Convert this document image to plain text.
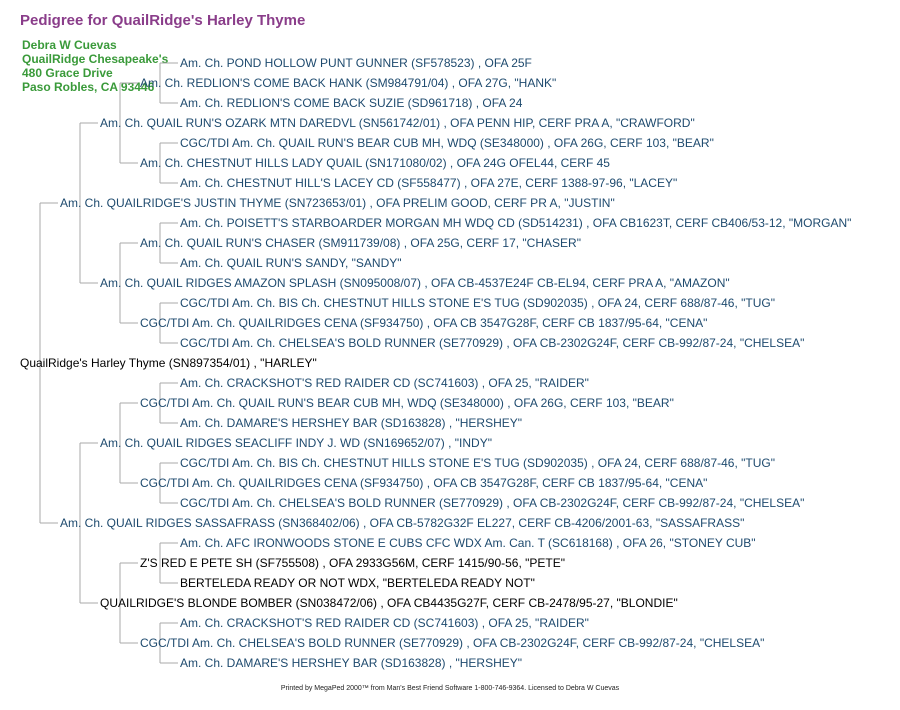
Pedigree for QuailRidge's Harley Thyme
Debra W Cuevas
QuailRidge Chesapeake's
480 Grace Drive
Paso Robles, CA 93446
Am. Ch. POND HOLLOW PUNT GUNNER (SF578523) , OFA 25F
Am. Ch. REDLION'S COME BACK HANK (SM984791/04) , OFA 27G, "HANK"
Am. Ch. REDLION'S COME BACK SUZIE (SD961718) , OFA 24
Am. Ch. QUAIL RUN'S OZARK MTN DAREDVL (SN561742/01) , OFA PENN HIP, CERF PRA A, "CRAWFORD"
CGC/TDI Am. Ch. QUAIL RUN'S BEAR CUB MH, WDQ (SE348000) , OFA 26G, CERF 103, "BEAR"
Am. Ch. CHESTNUT HILLS LADY QUAIL (SN171080/02) , OFA 24G OFEL44, CERF 45
Am. Ch. CHESTNUT HILL'S LACEY CD (SF558477) , OFA 27E, CERF 1388-97-96, "LACEY"
Am. Ch. QUAILRIDGE'S JUSTIN THYME (SN723653/01) , OFA PRELIM GOOD, CERF PR A, "JUSTIN"
Am. Ch. POISETT'S STARBOARDER MORGAN MH WDQ CD (SD514231) , OFA CB1623T, CERF CB406/53-12, "MORGAN"
Am. Ch. QUAIL RUN'S CHASER (SM911739/08) , OFA 25G, CERF 17, "CHASER"
Am. Ch. QUAIL RUN'S SANDY, "SANDY"
Am. Ch. QUAIL RIDGES AMAZON SPLASH (SN095008/07) , OFA CB-4537E24F CB-EL94, CERF PRA A, "AMAZON"
CGC/TDI Am. Ch. BIS Ch. CHESTNUT HILLS STONE E'S TUG (SD902035) , OFA 24, CERF 688/87-46, "TUG"
CGC/TDI Am. Ch. QUAILRIDGES CENA (SF934750) , OFA CB 3547G28F, CERF CB 1837/95-64, "CENA"
CGC/TDI Am. Ch. CHELSEA'S BOLD RUNNER (SE770929) , OFA CB-2302G24F, CERF CB-992/87-24, "CHELSEA"
QuailRidge's Harley Thyme (SN897354/01) , "HARLEY"
Am. Ch. CRACKSHOT'S RED RAIDER CD (SC741603) , OFA 25, "RAIDER"
CGC/TDI Am. Ch. QUAIL RUN'S BEAR CUB MH, WDQ (SE348000) , OFA 26G, CERF 103, "BEAR"
Am. Ch. DAMARE'S HERSHEY BAR (SD163828) , "HERSHEY"
Am. Ch. QUAIL RIDGES SEACLIFF INDY J. WD (SN169652/07) , "INDY"
CGC/TDI Am. Ch. BIS Ch. CHESTNUT HILLS STONE E'S TUG (SD902035) , OFA 24, CERF 688/87-46, "TUG"
CGC/TDI Am. Ch. QUAILRIDGES CENA (SF934750) , OFA CB 3547G28F, CERF CB 1837/95-64, "CENA"
CGC/TDI Am. Ch. CHELSEA'S BOLD RUNNER (SE770929) , OFA CB-2302G24F, CERF CB-992/87-24, "CHELSEA"
Am. Ch. QUAIL RIDGES SASSAFRASS (SN368402/06) , OFA CB-5782G32F EL227, CERF CB-4206/2001-63, "SASSAFRASS"
Am. Ch. AFC IRONWOODS STONE E CUBS CFC WDX Am. Can. T (SC618168) , OFA 26, "STONEY CUB"
Z'S RED E PETE SH (SF755508) , OFA 2933G56M, CERF 1415/90-56, "PETE"
BERTELEDA READY OR NOT WDX, "BERTELEDA READY NOT"
QUAILRIDGE'S BLONDE BOMBER (SN038472/06) , OFA CB4435G27F, CERF CB-2478/95-27, "BLONDIE"
Am. Ch. CRACKSHOT'S RED RAIDER CD (SC741603) , OFA 25, "RAIDER"
CGC/TDI Am. Ch. CHELSEA'S BOLD RUNNER (SE770929) , OFA CB-2302G24F, CERF CB-992/87-24, "CHELSEA"
Am. Ch. DAMARE'S HERSHEY BAR (SD163828) , "HERSHEY"
Printed by MegaPed 2000™ from Man's Best Friend Software 1-800-746-9364. Licensed to Debra W Cuevas
